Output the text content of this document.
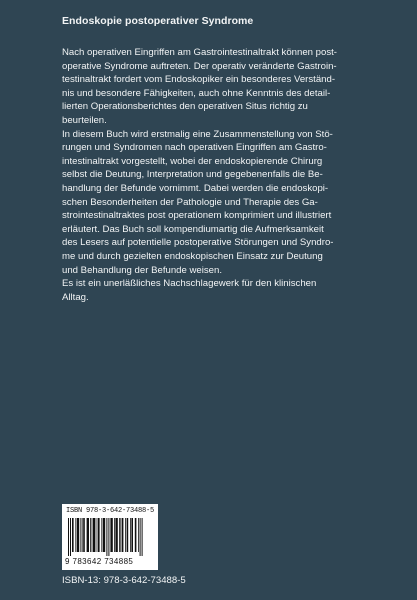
Endoskopie postoperativer Syndrome
Nach operativen Eingriffen am Gastrointestinaltrakt können post-
operative Syndrome auftreten. Der operativ veränderte Gastroin-
testinaltrakt fordert vom Endoskopiker ein besonderes Verständ-
nis und besondere Fähigkeiten, auch ohne Kenntnis des detail-
lierten Operationsberichtes den operativen Situs richtig zu
beurteilen.
In diesem Buch wird erstmalig eine Zusammenstellung von Stö-
rungen und Syndromen nach operativen Eingriffen am Gastro-
intestinaltrakt vorgestellt, wobei der endoskopierende Chirurg
selbst die Deutung, Interpretation und gegebenenfalls die Be-
handlung der Befunde vornimmt. Dabei werden die endoskopi-
schen Besonderheiten der Pathologie und Therapie des Ga-
strointestinaltraktes post operationem komprimiert und illustriert
erläutert. Das Buch soll kompendiumartig die Aufmerksamkeit
des Lesers auf potentielle postoperative Störungen und Syndro-
me und durch gezielten endoskopischen Einsatz zur Deutung
und Behandlung der Befunde weisen.
Es ist ein unerläßliches Nachschlagewerk für den klinischen
Alltag.
ISBN 978-3-642-73488-5
9 783642 734885
ISBN-13: 978-3-642-73488-5
